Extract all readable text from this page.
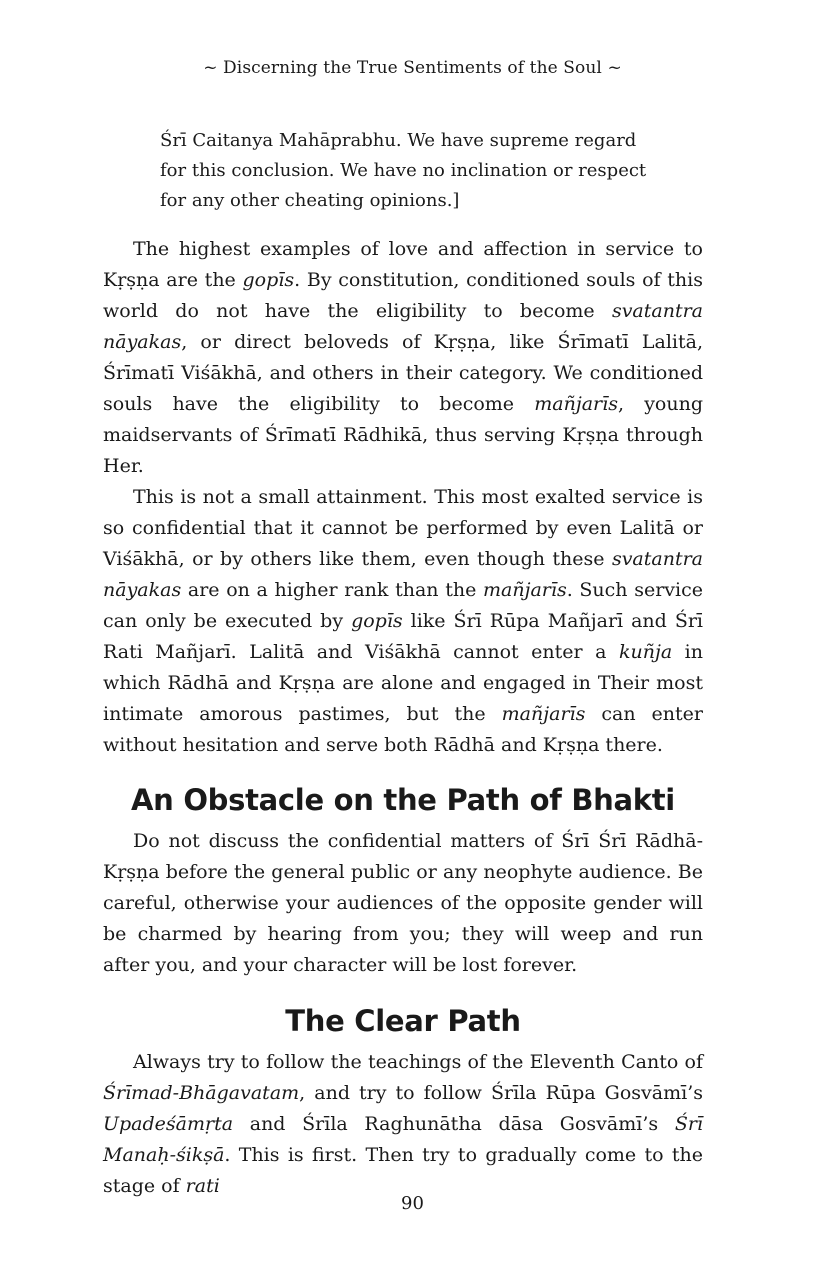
~ Discerning the True Sentiments of the Soul ~

Śrī Caitanya Mahāprabhu. We have supreme regard for this conclusion. We have no inclination or respect for any other cheating opinions.]

The highest examples of love and affection in service to Kṛṣṇa are the gopīs. By constitution, conditioned souls of this world do not have the eligibility to become svatantra nāyakas, or direct beloveds of Kṛṣṇa, like Śrīmatī Lalitā, Śrīmatī Viśākhā, and others in their category. We conditioned souls have the eligibility to become mañjarīs, young maidservants of Śrīmatī Rādhikā, thus serving Kṛṣṇa through Her.

This is not a small attainment. This most exalted service is so confidential that it cannot be performed by even Lalitā or Viśākhā, or by others like them, even though these svatantra nāyakas are on a higher rank than the mañjarīs. Such service can only be executed by gopīs like Śrī Rūpa Mañjarī and Śrī Rati Mañjarī. Lalitā and Viśākhā cannot enter a kuñja in which Rādhā and Kṛṣṇa are alone and engaged in Their most intimate amorous pastimes, but the mañjarīs can enter without hesitation and serve both Rādhā and Kṛṣṇa there.

An Obstacle on the Path of Bhakti

Do not discuss the confidential matters of Śrī Śrī Rādhā-Kṛṣṇa before the general public or any neophyte audience. Be careful, otherwise your audiences of the opposite gender will be charmed by hearing from you; they will weep and run after you, and your character will be lost forever.

The Clear Path

Always try to follow the teachings of the Eleventh Canto of Śrīmad-Bhāgavatam, and try to follow Śrīla Rūpa Gosvāmī’s Upadeśāmṛta and Śrīla Raghunātha dāsa Gosvāmī’s Śrī Manaḥ-śikṣā. This is first. Then try to gradually come to the stage of rati

90
